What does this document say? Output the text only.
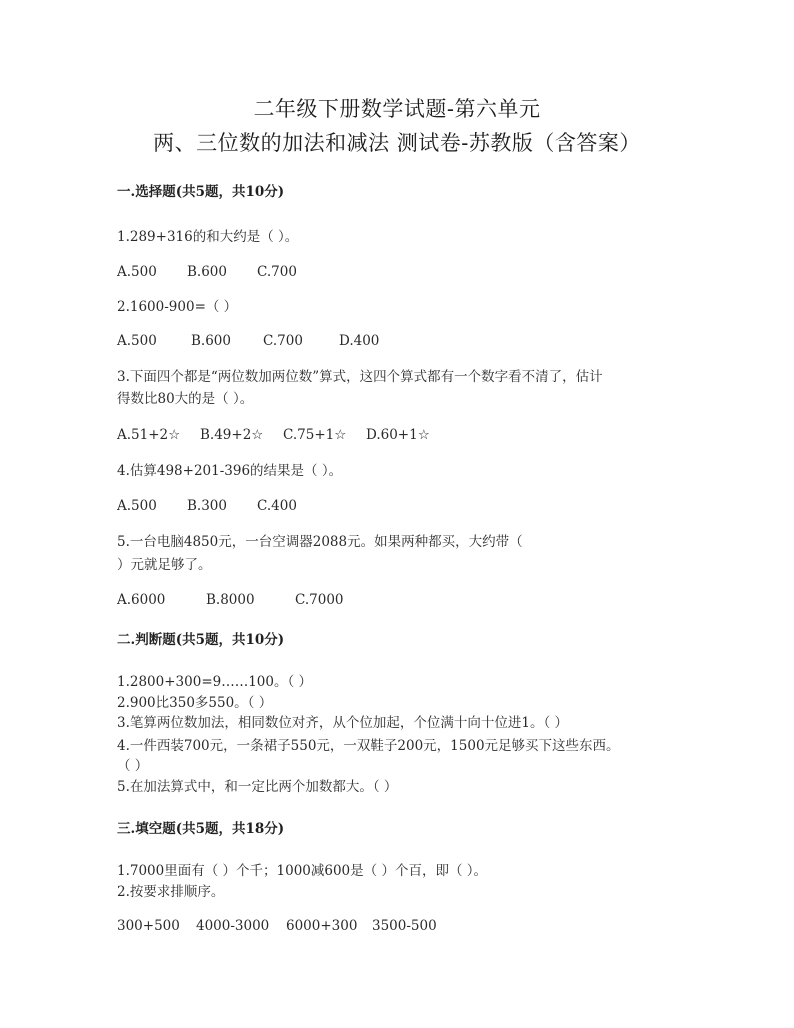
二年级下册数学试题-第六单元
两、三位数的加法和减法 测试卷-苏教版（含答案）
一.选择题(共5题，共10分)
1.289+316的和大约是（ ）。
A.500 B.600 C.700
2.1600-900=（ ）
A.500	B.600 C.700	D.400
3.下面四个都是“两位数加两位数”算式，这四个算式都有一个数字看不清了，估计
得数比80大的是（ ）。
A.51+2☆ B.49+2☆ C.75+1☆ D.60+1☆
4.估算498+201-396的结果是（ ）。
A.500 B.300 C.400
5.一台电脑4850元，一台空调器2088元。如果两种都买，大约带（
）元就足够了。
A.6000	B.8000	C.7000
二.判断题(共5题，共10分)
1.2800+300=9……100。（ ）
2.900比350多550。（ ）
3.笔算两位数加法，相同数位对齐，从个位加起，个位满十向十位进1。（ ）
4.一件西装700元，一条裙子550元，一双鞋子200元，1500元足够买下这些东西。
（ ）
5.在加法算式中，和一定比两个加数都大。（ ）
三.填空题(共5题，共18分)
1.7000里面有（ ）个千；1000减600是（ ）个百，即（ ）。
2.按要求排顺序。
300+500 4000-3000 6000+300 3500-500
